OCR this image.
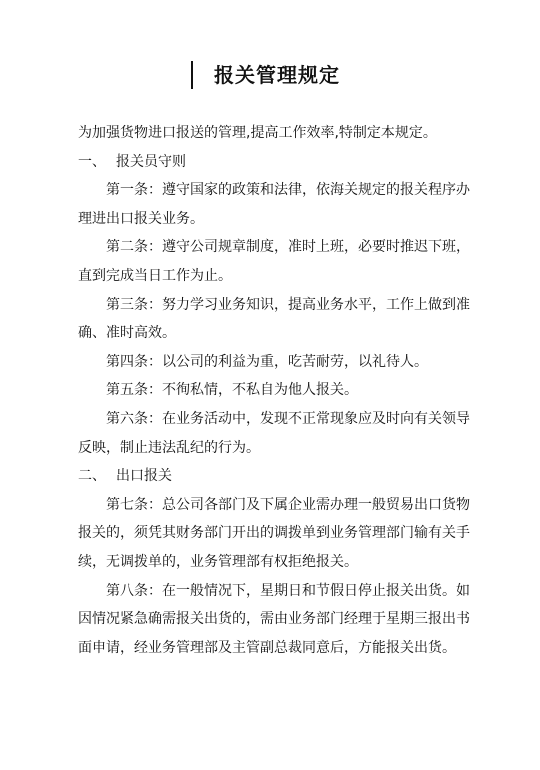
报关管理规定
为加强货物进口报送的管理,提高工作效率,特制定本规定。
一、 报关员守则
第一条：遵守国家的政策和法律，依海关规定的报关程序办
理进出口报关业务。
第二条：遵守公司规章制度，准时上班，必要时推迟下班，
直到完成当日工作为止。
第三条：努力学习业务知识，提高业务水平，工作上做到准
确、准时高效。
第四条：以公司的利益为重，吃苦耐劳，以礼待人。
第五条：不徇私情，不私自为他人报关。
第六条：在业务活动中，发现不正常现象应及时向有关领导
反映，制止违法乱纪的行为。
二、 出口报关
第七条：总公司各部门及下属企业需办理一般贸易出口货物
报关的，须凭其财务部门开出的调拨单到业务管理部门输有关手
续，无调拨单的，业务管理部有权拒绝报关。
第八条：在一般情况下，星期日和节假日停止报关出货。如
因情况紧急确需报关出货的，需由业务部门经理于星期三报出书
面申请，经业务管理部及主管副总裁同意后，方能报关出货。
